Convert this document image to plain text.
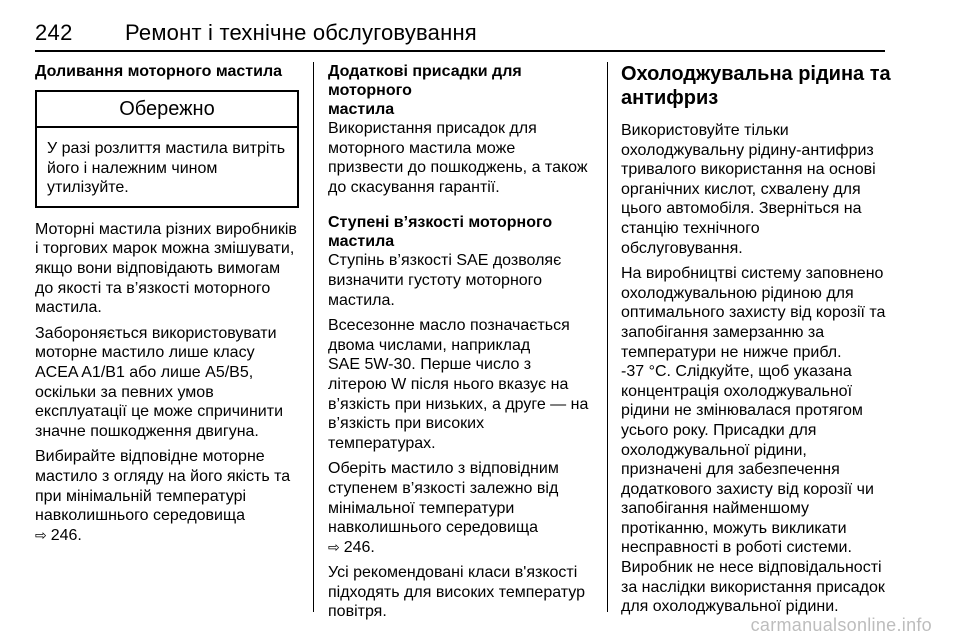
242 Ремонт і технічне обслуговування
Доливання моторного мастила
Обережно
У разі розлиття мастила витріть
його і належним чином
утилізуйте.

Моторні мастила різних виробників
і торгових марок можна змішувати,
якщо вони відповідають вимогам
до якості та в’язкості моторного
мастила.

Забороняється використовувати
моторне мастило лише класу
ACEA A1/B1 або лише A5/B5,
оскільки за певних умов
експлуатації це може спричинити
значне пошкодження двигуна.

Вибирайте відповідне моторне
мастило з огляду на його якість та
при мінімальній температурі
навколишнього середовища
⇨ 246.

Додаткові присадки для моторного
мастила

Використання присадок для
моторного мастила може
призвести до пошкоджень, а також
до скасування гарантії.

Ступені в’язкості моторного
мастила

Ступінь в’язкості SAE дозволяє
визначити густоту моторного
мастила.

Всесезонне масло позначається
двома числами, наприклад
SAE 5W-30. Перше число з
літерою W після нього вказує на
в’язкість при низьких, а друге — на
в’язкість при високих
температурах.

Оберіть мастило з відповідним
ступенем в’язкості залежно від
мінімальної температури
навколишнього середовища
⇨ 246.

Усі рекомендовані класи в'язкості
підходять для високих температур
повітря.

Охолоджувальна рідина та
антифриз

Використовуйте тільки
охолоджувальну рідину-антифриз
тривалого використання на основі
органічних кислот, схвалену для
цього автомобіля. Зверніться на
станцію технічного
обслуговування.

На виробництві систему заповнено
охолоджувальною рідиною для
оптимального захисту від корозії та
запобігання замерзанню за
температури не нижче прибл.
-37 °C. Слідкуйте, щоб указана
концентрація охолоджувальної
рідини не змінювалася протягом
усього року. Присадки для
охолоджувальної рідини,
призначені для забезпечення
додаткового захисту від корозії чи
запобігання найменшому
протіканню, можуть викликати
несправності в роботі системи.
Виробник не несе відповідальності
за наслідки використання присадок
для охолоджувальної рідини.

carmanualsonline.info
